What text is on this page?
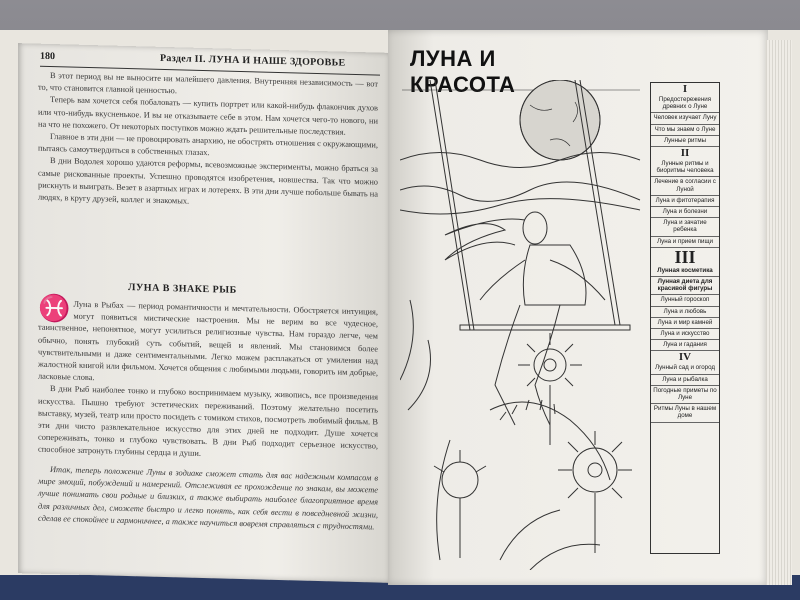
180	Раздел II. ЛУНА И НАШЕ ЗДОРОВЬЕ

В этот период вы не выносите ни малейшего давления. Внутренняя независимость — вот то, что становится главной ценностью.

Теперь вам хочется себя побаловать — купить портрет или какой-нибудь флакончик духов или что-нибудь вкусненькое. И вы не отказываете себе в этом. Нам хочется чего-то нового, ни на что не похожего. От некоторых поступков можно ждать решительные последствия.

Главное в эти дни — не провоцировать анархию, не обострять отношения с окружающими, пытаясь самоутвердиться в собственных глазах.

В дни Водолея хорошо удаются реформы, всевозможные эксперименты, можно браться за самые рискованные проекты. Успешно проводятся изобретения, новшества. Так что можно рискнуть и выиграть. Везет в азартных играх и лотереях. В эти дни лучше побольше бывать на людях, в кругу друзей, коллег и знакомых.

ЛУНА В ЗНАКЕ РЫБ

♓ Луна в Рыбах — период романтичности и мечтательности. Обостряется интуиция, могут появиться мистические настроения. Мы не верим во все чудесное, таинственное, непонятное, могут усилиться религиозные чувства. Нам гораздо легче, чем обычно, понять глубокий суть событий, вещей и явлений. Мы становимся более чувствительными и даже сентиментальными. Легко можем расплакаться от умиления над жалостной книгой или фильмом. Хочется общения с любимыми людьми, говорить им добрые, ласковые слова.

В дни Рыб наиболее тонко и глубоко воспринимаем музыку, живопись, все произведения искусства. Пышно требуют эстетических переживаний. Поэтому желательно посетить выставку, музей, театр или просто посидеть с томиком стихов, посмотреть любимый фильм. В эти дни чисто развлекательное искусство для этих дней не подходит. Душе хочется сопереживать, тонко и глубоко чувствовать. В дни Рыб подходит серьезное искусство, способное затронуть глубины сердца и души.

Итак, теперь положение Луны в зодиаке сможет стать для вас надежным компасом в мире эмоций, побуждений и намерений. Отслеживая ее прохождение по знакам, вы можете лучше понимать свои родные и близких, а также выбирать наиболее благоприятное время для различных дел, сможете быстро и легко понять, как себя вести в повседневной жизни, сделав ее спокойнее и гармоничнее, а также научиться вовремя справляться с трудностями.

ЛУНА И КРАСОТА	I
Предостережения древних о Луне
Человек изучает Луну
Что мы знаем о Луне
Лунные ритмы
II
Лунные ритмы и биоритмы человека
Лечение в согласии с Луной
Луна и фитотерапия
Луна и болезни
Луна и зачатие ребенка
Луна и прием пищи
III
Лунная косметика
Лунная диета для красивой фигуры
Лунный гороскоп
Луна и любовь
Луна и мир камней
Луна и искусство
Луна и гадания
IV
Лунный сад и огород
Луна и рыбалка
Погодные приметы по Луне
Ритмы Луны в нашем доме
